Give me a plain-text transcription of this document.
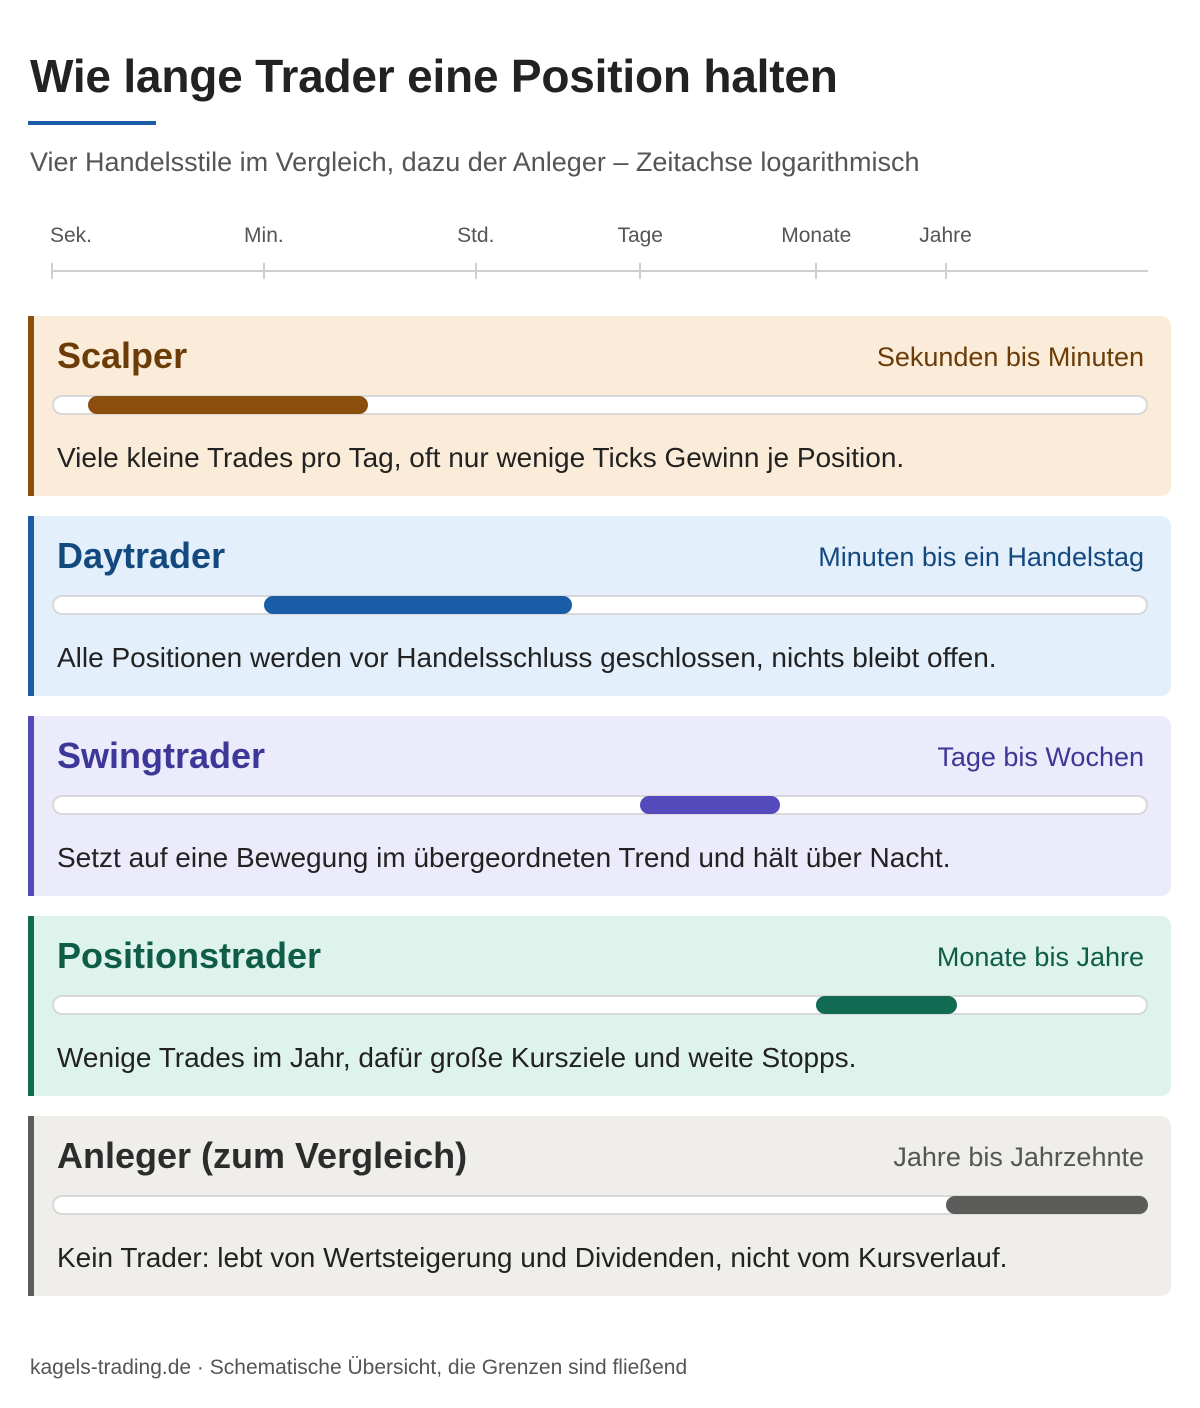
Wie lange Trader eine Position halten
Vier Handelsstile im Vergleich, dazu der Anleger – Zeitachse logarithmisch
Sek.	Min.	Std.	Tage	Monate	Jahre
Scalper	Sekunden bis Minuten
Viele kleine Trades pro Tag, oft nur wenige Ticks Gewinn je Position.
Daytrader	Minuten bis ein Handelstag
Alle Positionen werden vor Handelsschluss geschlossen, nichts bleibt offen.
Swingtrader	Tage bis Wochen
Setzt auf eine Bewegung im übergeordneten Trend und hält über Nacht.
Positionstrader	Monate bis Jahre
Wenige Trades im Jahr, dafür große Kursziele und weite Stopps.
Anleger (zum Vergleich)	Jahre bis Jahrzehnte
Kein Trader: lebt von Wertsteigerung und Dividenden, nicht vom Kursverlauf.
kagels-trading.de · Schematische Übersicht, die Grenzen sind fließend
